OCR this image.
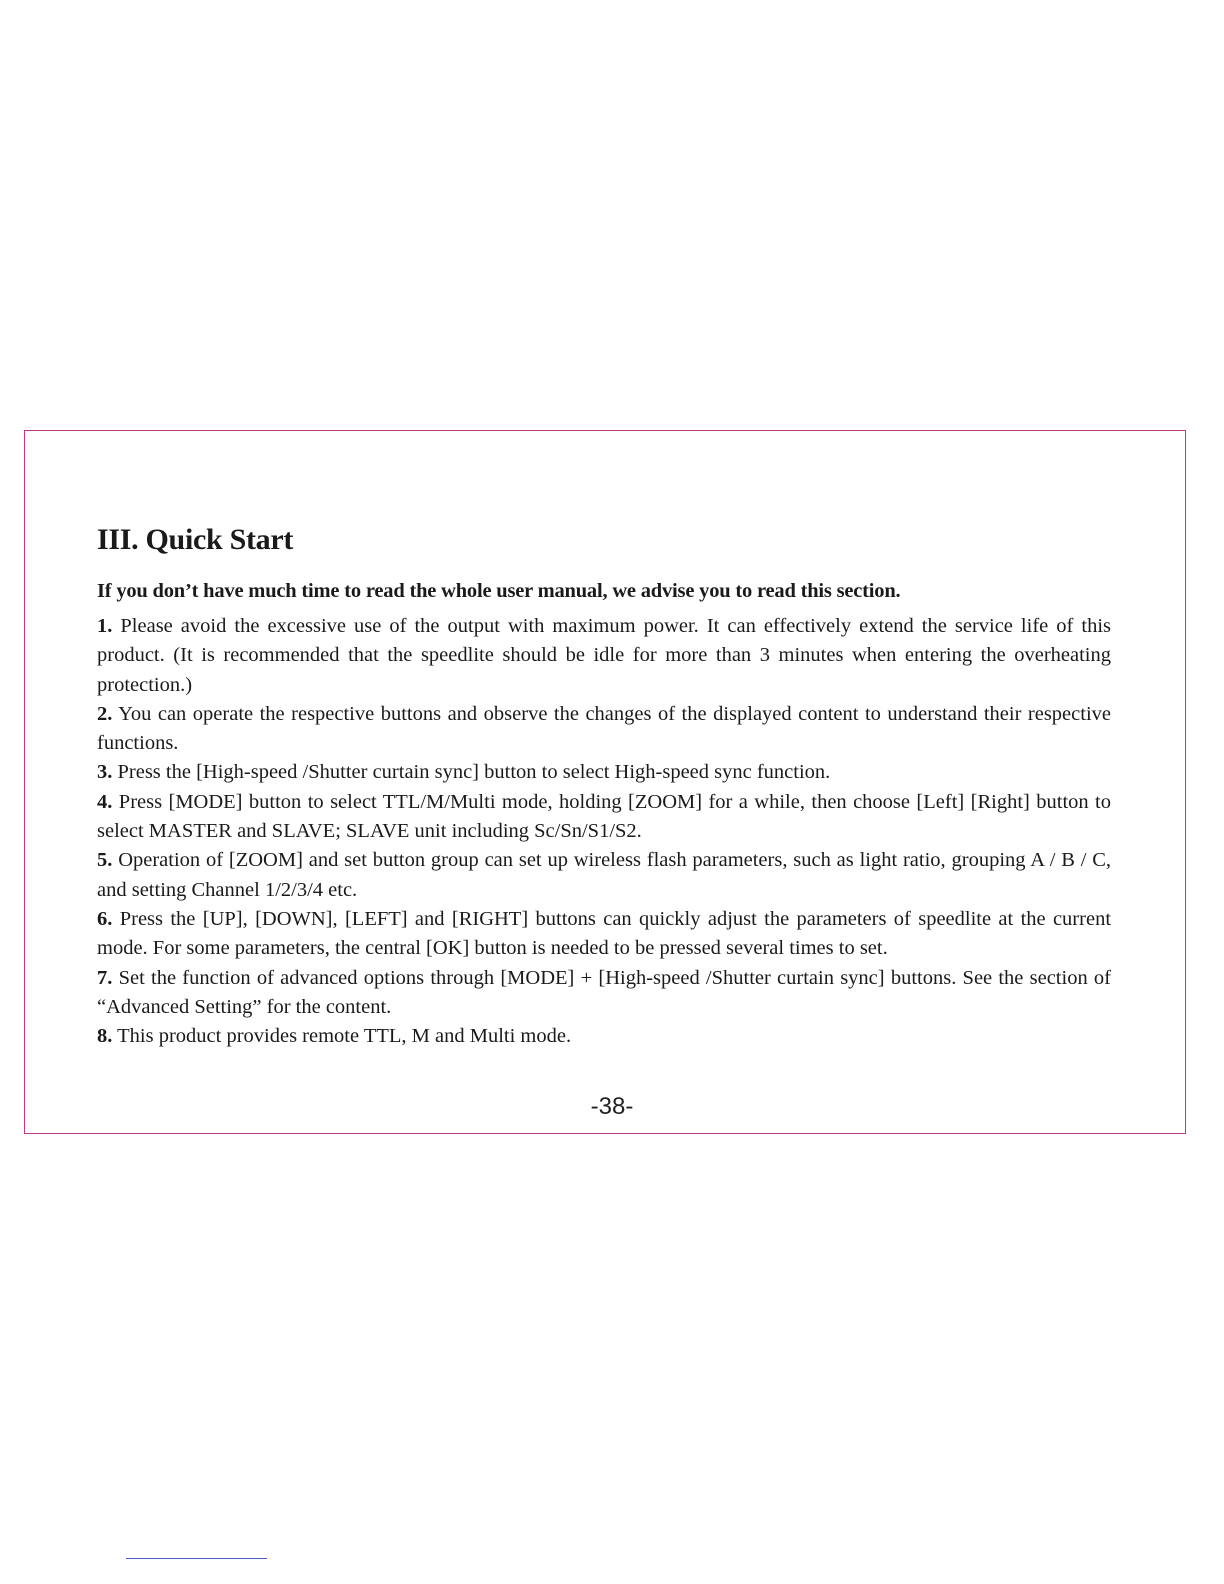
III. Quick Start

If you don’t have much time to read the whole user manual, we advise you to read this section.

1. Please avoid the excessive use of the output with maximum power. It can effectively extend the service life of this product. (It is recommended that the speedlite should be idle for more than 3 minutes when entering the overheating protection.)
2. You can operate the respective buttons and observe the changes of the displayed content to understand their respective functions.
3. Press the [High-speed /Shutter curtain sync] button to select High-speed sync function.
4. Press [MODE] button to select TTL/M/Multi mode, holding [ZOOM] for a while, then choose [Left] [Right] button to select MASTER and SLAVE; SLAVE unit including Sc/Sn/S1/S2.
5. Operation of [ZOOM] and set button group can set up wireless flash parameters, such as light ratio, grouping A / B / C, and setting Channel 1/2/3/4 etc.
6. Press the [UP], [DOWN], [LEFT] and [RIGHT] buttons can quickly adjust the parameters of speedlite at the current mode. For some parameters, the central [OK] button is needed to be pressed several times to set.
7. Set the function of advanced options through [MODE] + [High-speed /Shutter curtain sync] buttons. See the section of “Advanced Setting” for the content.
8. This product provides remote TTL, M and Multi mode.
-38-
